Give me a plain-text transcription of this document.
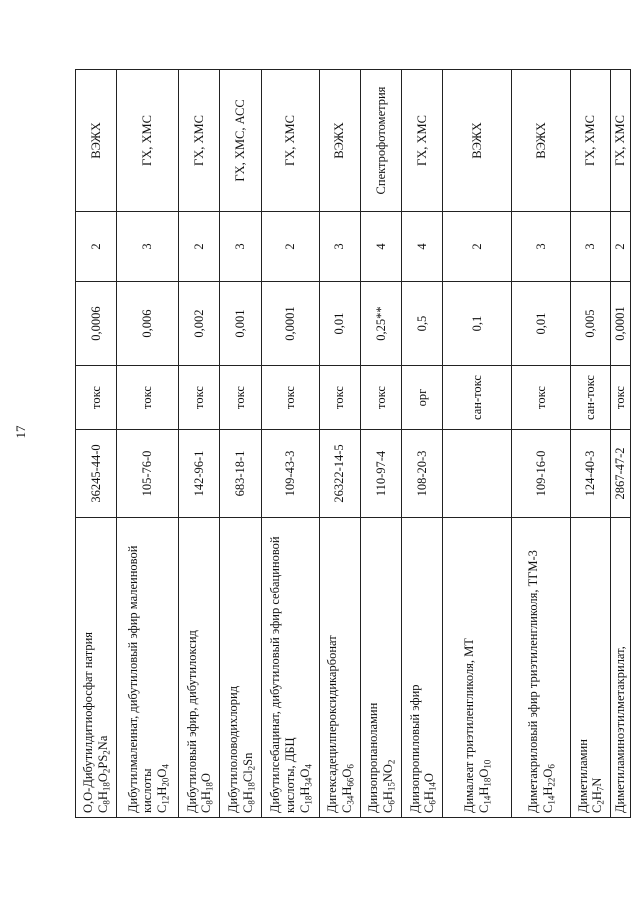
17
O,O-Дибутилдитиофосфат натрия $C_8H_{18}O_2PS_2Na$	36245-44-0	токс	0,0006	2	ВЭЖХ

Дибутилмалеинат, дибутиловый эфир малеиновой кислоты $C_{12}H_{20}O_4$	105-76-0	токс	0,006	3	ГХ, ХМС

Дибутиловый эфир, дибутилоксид $C_8H_{18}O$	142-96-1	токс	0,002	2	ГХ, ХМС

Дибутилоловодихлорид $C_8H_{18}Cl_2Sn$	683-18-1	токс	0,001	3	ГХ, ХМС, АСС

Дибутилсебацинат, дибутиловый эфир себациновой кислоты, ДБЦ $C_{18}H_{34}O_4$	109-43-3	токс	0,0001	2	ГХ, ХМС

Дигексадецилпероксидикарбонат $C_{34}H_{66}O_6$	26322-14-5	токс	0,01	3	ВЭЖХ

Диизопропаноламин $C_6H_{15}NO_2$	110-97-4	токс	0,25**	4	Спектрофотометрия

Диизопропиловый эфир $C_6H_{14}O$	108-20-3	орг	0,5	4	ГХ, ХМС

Дималеат триэтиленгликоля, МТ $C_{14}H_{18}O_{10}$		сан-токс	0,1	2	ВЭЖХ

Диметакриловый эфир триэтиленгликоля, ТГМ-3 $C_{14}H_{22}O_6$	109-16-0	токс	0,01	3	ВЭЖХ

Диметиламин $C_2H_7N$	124-40-3	сан-токс	0,005	3	ГХ, ХМС

Диметиламиноэтилметакрилат,	2867-47-2	токс	0,0001	2	ГХ, ХМС
